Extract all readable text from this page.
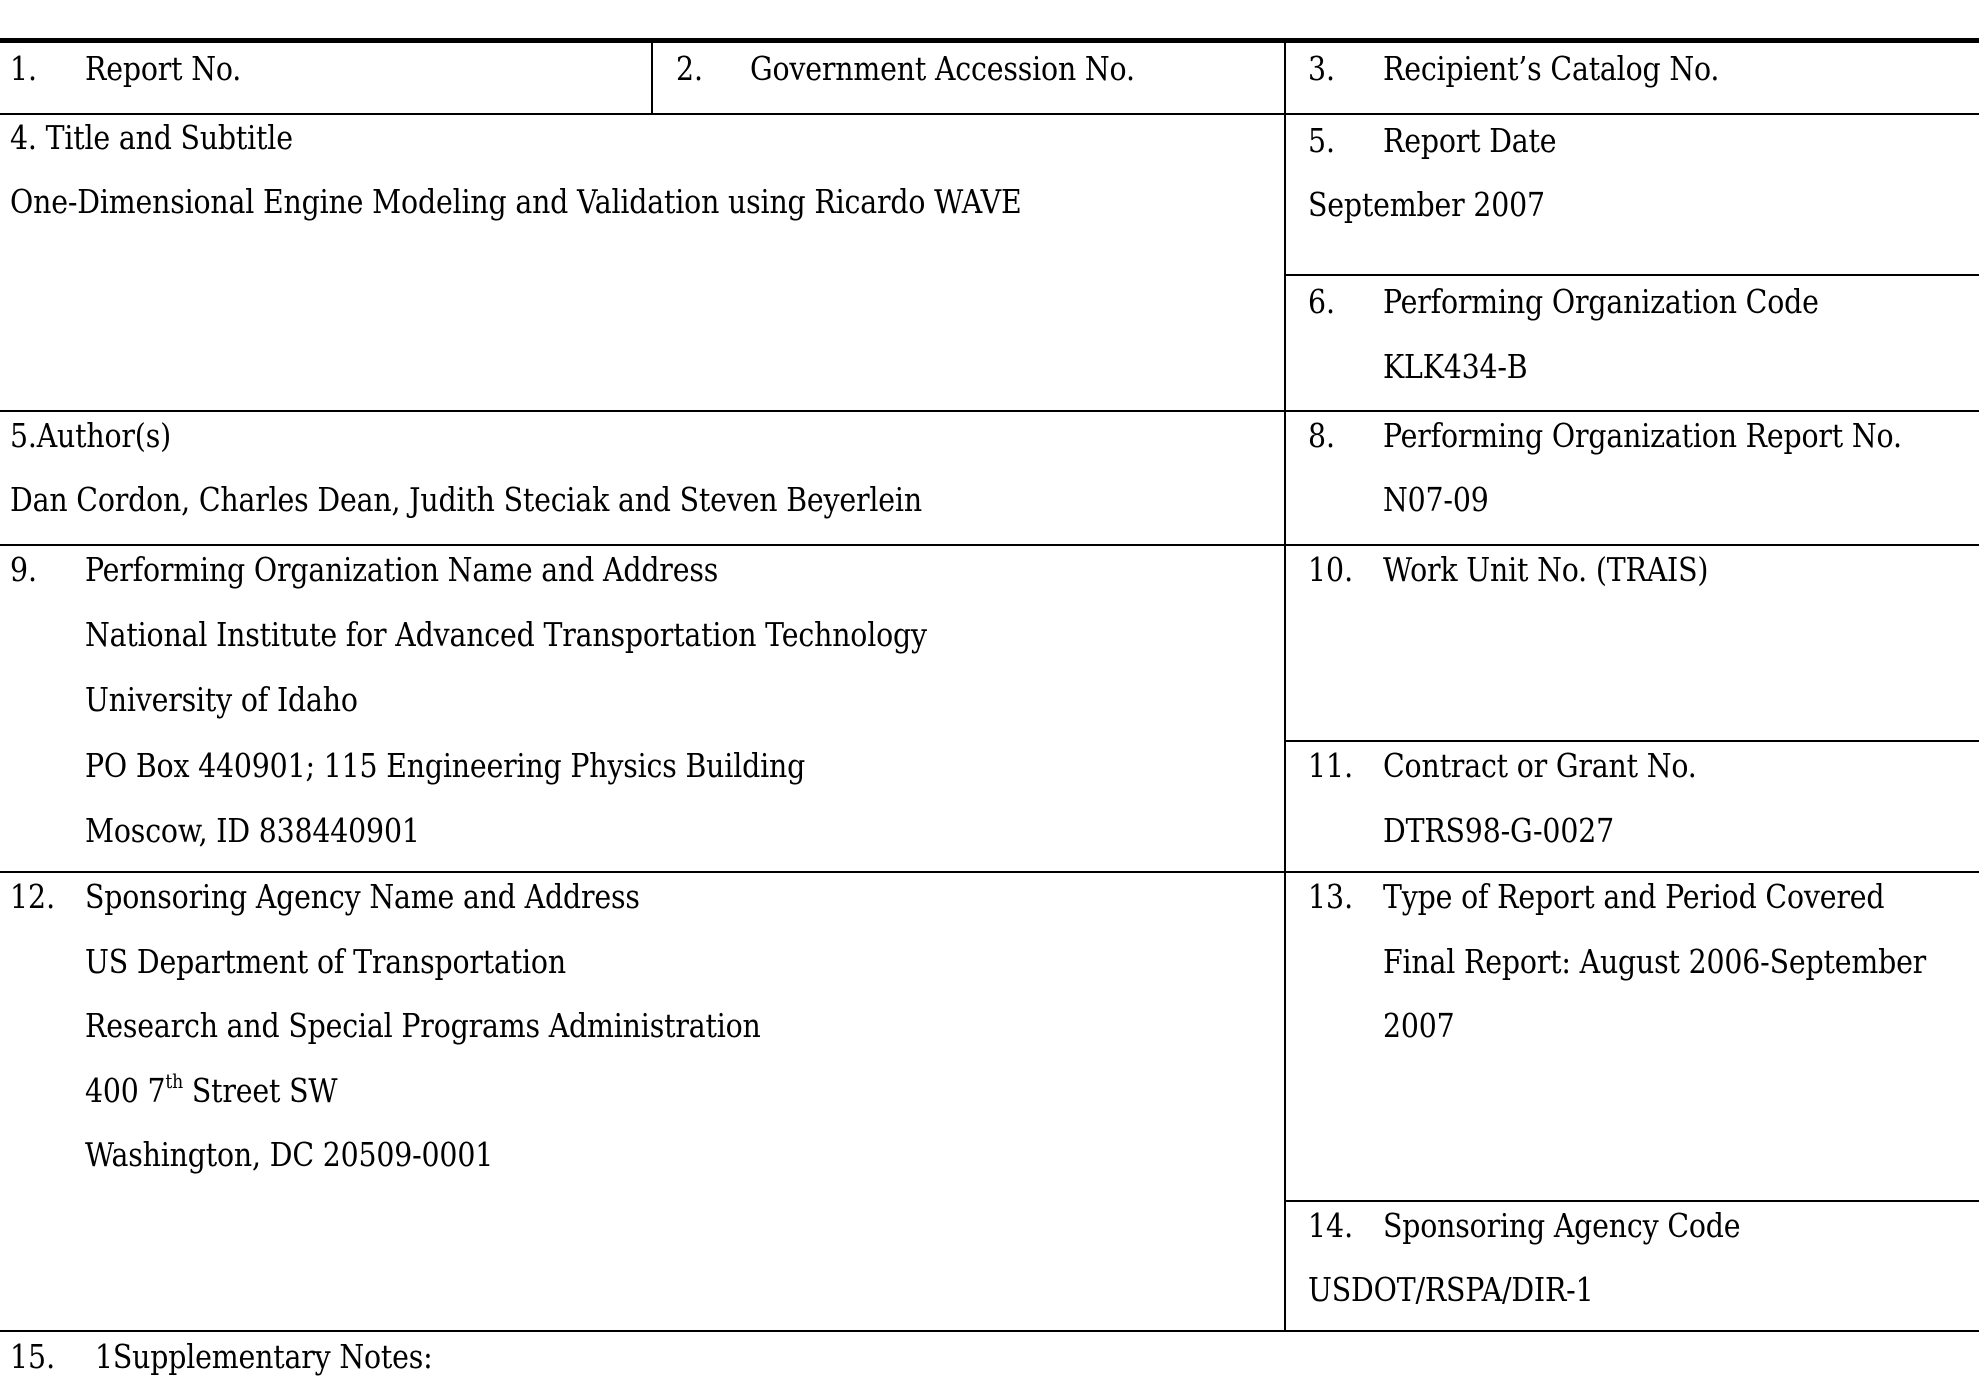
1. Report No.	2. Government Accession No.	3. Recipient’s Catalog No.
4. Title and Subtitle
One-Dimensional Engine Modeling and Validation using Ricardo WAVE
5. Report Date
September 2007
6. Performing Organization Code
KLK434-B
5.Author(s)
Dan Cordon, Charles Dean, Judith Steciak and Steven Beyerlein
8. Performing Organization Report No.
N07-09
9. Performing Organization Name and Address
National Institute for Advanced Transportation Technology
University of Idaho
PO Box 440901; 115 Engineering Physics Building
Moscow, ID 838440901
10. Work Unit No. (TRAIS)
11. Contract or Grant No.
DTRS98-G-0027
12. Sponsoring Agency Name and Address
US Department of Transportation
Research and Special Programs Administration
400 7th Street SW
Washington, DC 20509-0001
13. Type of Report and Period Covered
Final Report: August 2006-September
2007
14. Sponsoring Agency Code
USDOT/RSPA/DIR-1
15. 1Supplementary Notes:
